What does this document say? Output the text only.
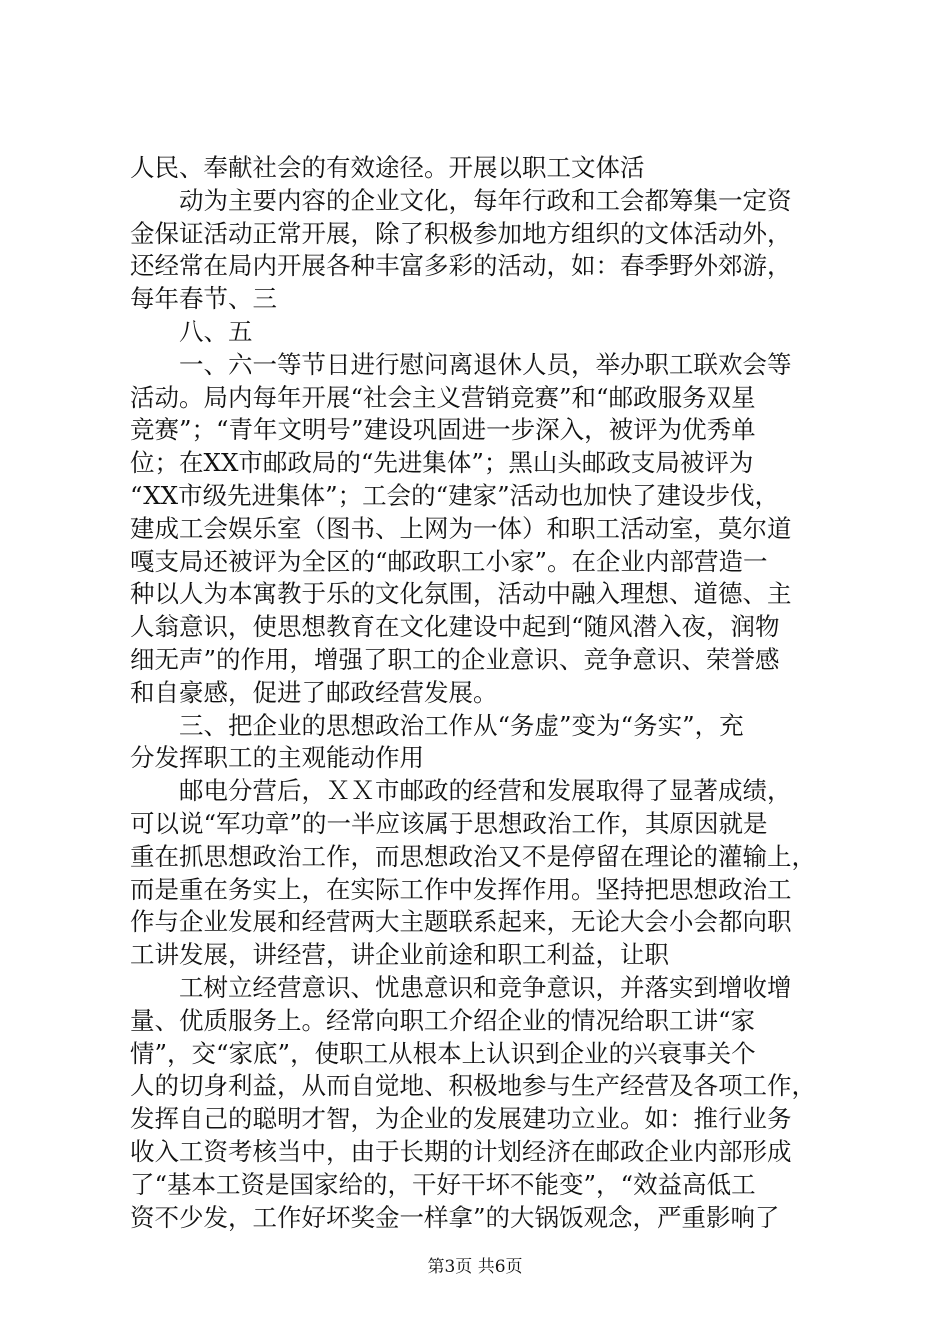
人民、奉献社会的有效途径。开展以职工文体活
动为主要内容的企业文化，每年行政和工会都筹集一定资
金保证活动正常开展，除了积极参加地方组织的文体活动外，
还经常在局内开展各种丰富多彩的活动，如：春季野外郊游，
每年春节、三
八、五
一、六一等节日进行慰问离退休人员，举办职工联欢会等
活动。局内每年开展“社会主义营销竞赛”和“邮政服务双星
竞赛”；“青年文明号”建设巩固进一步深入，被评为优秀单
位；在XX市邮政局的“先进集体”；黑山头邮政支局被评为
“XX市级先进集体”；工会的“建家”活动也加快了建设步伐，
建成工会娱乐室（图书、上网为一体）和职工活动室，莫尔道
嘎支局还被评为全区的“邮政职工小家”。在企业内部营造一
种以人为本寓教于乐的文化氛围，活动中融入理想、道德、主
人翁意识，使思想教育在文化建设中起到“随风潜入夜，润物
细无声”的作用，增强了职工的企业意识、竞争意识、荣誉感
和自豪感，促进了邮政经营发展。
三、把企业的思想政治工作从“务虚”变为“务实”，充
分发挥职工的主观能动作用
邮电分营后，ＸＸ市邮政的经营和发展取得了显著成绩，
可以说“军功章”的一半应该属于思想政治工作，其原因就是
重在抓思想政治工作，而思想政治又不是停留在理论的灌输上，
而是重在务实上，在实际工作中发挥作用。坚持把思想政治工
作与企业发展和经营两大主题联系起来，无论大会小会都向职
工讲发展，讲经营，讲企业前途和职工利益，让职
工树立经营意识、忧患意识和竞争意识，并落实到增收增
量、优质服务上。经常向职工介绍企业的情况给职工讲“家
情”，交“家底”，使职工从根本上认识到企业的兴衰事关个
人的切身利益，从而自觉地、积极地参与生产经营及各项工作，
发挥自己的聪明才智，为企业的发展建功立业。如：推行业务
收入工资考核当中，由于长期的计划经济在邮政企业内部形成
了“基本工资是国家给的，干好干坏不能变”，“效益高低工
资不少发，工作好坏奖金一样拿”的大锅饭观念，严重影响了
第3页 共6页
